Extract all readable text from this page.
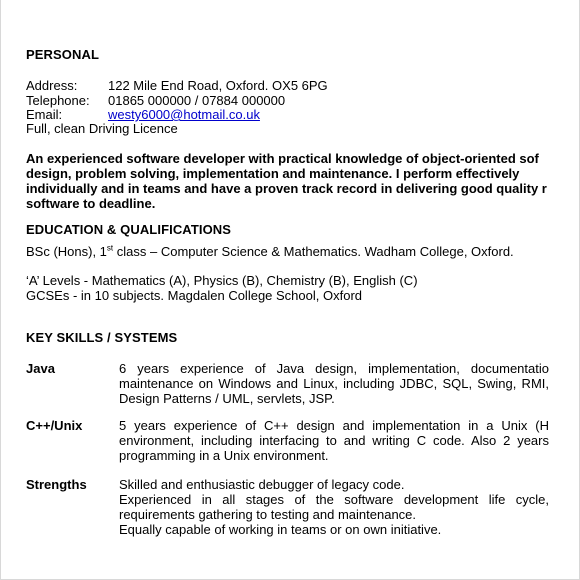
PERSONAL
Address: 122 Mile End Road, Oxford. OX5 6PG
Telephone: 01865 000000 / 07884 000000
Email:	westy6000@hotmail.co.uk
Full, clean Driving Licence
An experienced software developer with practical knowledge of object-oriented sof
design, problem solving, implementation and maintenance. I perform effectively
individually and in teams and have a proven track record in delivering good quality r
software to deadline.
EDUCATION & QUALIFICATIONS
BSc (Hons), 1st class – Computer Science & Mathematics. Wadham College, Oxford.
‘A’ Levels - Mathematics (A), Physics (B), Chemistry (B), English (C)
GCSEs - in 10 subjects. Magdalen College School, Oxford
KEY SKILLS / SYSTEMS
Java	6 years experience of Java design, implementation, documentatio
maintenance on Windows and Linux, including JDBC, SQL, Swing, RMI,
Design Patterns / UML, servlets, JSP.
C++/Unix	5 years experience of C++ design and implementation in a Unix (H
environment, including interfacing to and writing C code. Also 2 years
programming in a Unix environment.
Strengths Skilled and enthusiastic debugger of legacy code.
Experienced in all stages of the software development life cycle,
requirements gathering to testing and maintenance.
Equally capable of working in teams or on own initiative.
